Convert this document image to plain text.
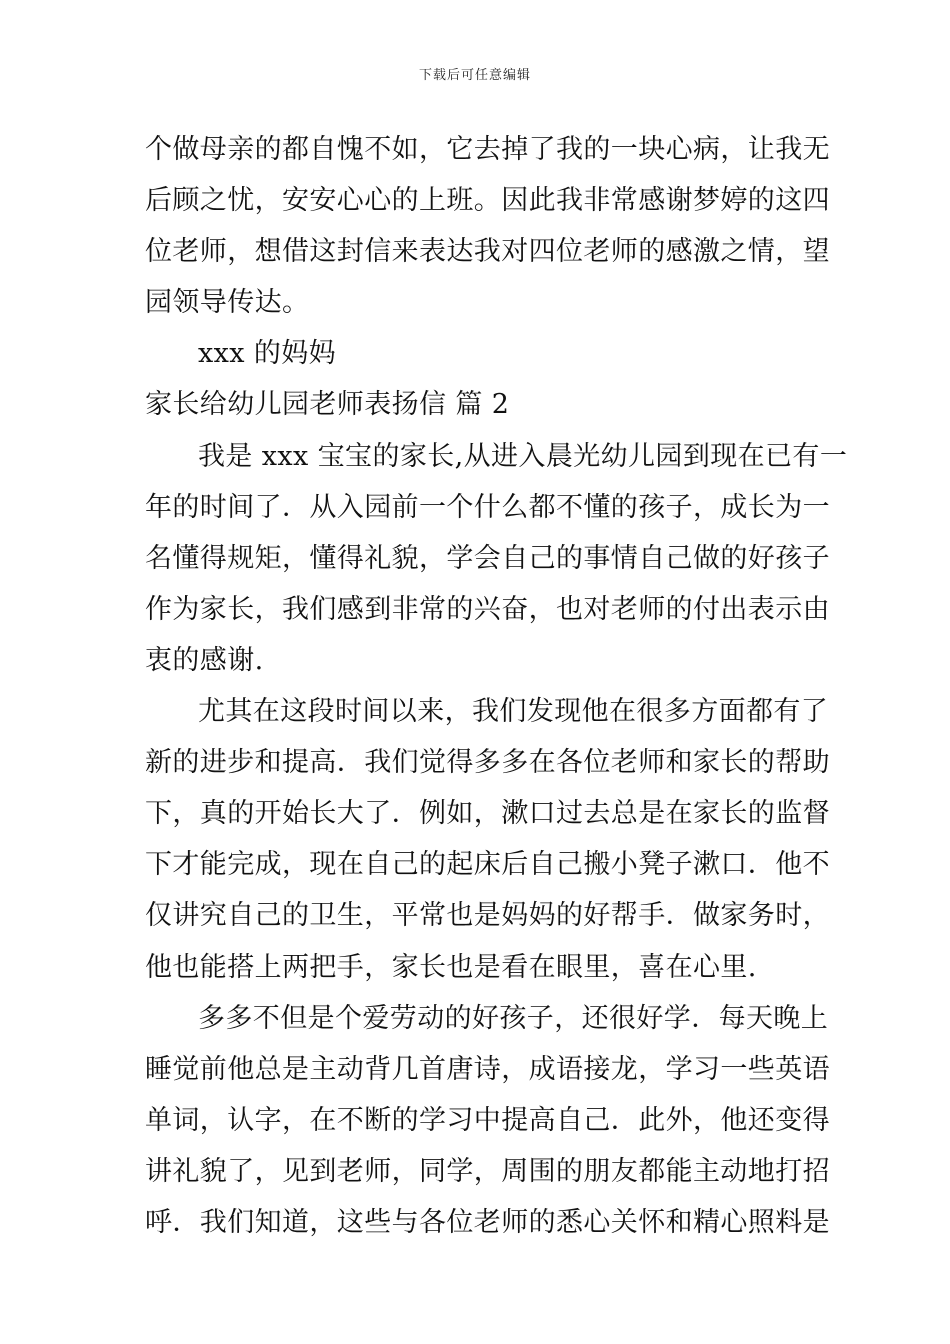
下载后可任意编辑
个做母亲的都自愧不如，它去掉了我的一块心病，让我无
后顾之忧，安安心心的上班。因此我非常感谢梦婷的这四
位老师，想借这封信来表达我对四位老师的感激之情，望
园领导传达。
xxx 的妈妈
家长给幼儿园老师表扬信 篇 2
我是 xxx 宝宝的家长,从进入晨光幼儿园到现在已有一
年的时间了．从入园前一个什么都不懂的孩子，成长为一
名懂得规矩，懂得礼貌，学会自己的事情自己做的好孩子
作为家长，我们感到非常的兴奋，也对老师的付出表示由
衷的感谢.
尤其在这段时间以来，我们发现他在很多方面都有了
新的进步和提高．我们觉得多多在各位老师和家长的帮助
下，真的开始长大了．例如，漱口过去总是在家长的监督
下才能完成，现在自己的起床后自己搬小凳子漱口．他不
仅讲究自己的卫生，平常也是妈妈的好帮手．做家务时，
他也能搭上两把手，家长也是看在眼里，喜在心里.
多多不但是个爱劳动的好孩子，还很好学．每天晚上
睡觉前他总是主动背几首唐诗，成语接龙，学习一些英语
单词，认字，在不断的学习中提高自己．此外，他还变得
讲礼貌了，见到老师，同学，周围的朋友都能主动地打招
呼．我们知道，这些与各位老师的悉心关怀和精心照料是
